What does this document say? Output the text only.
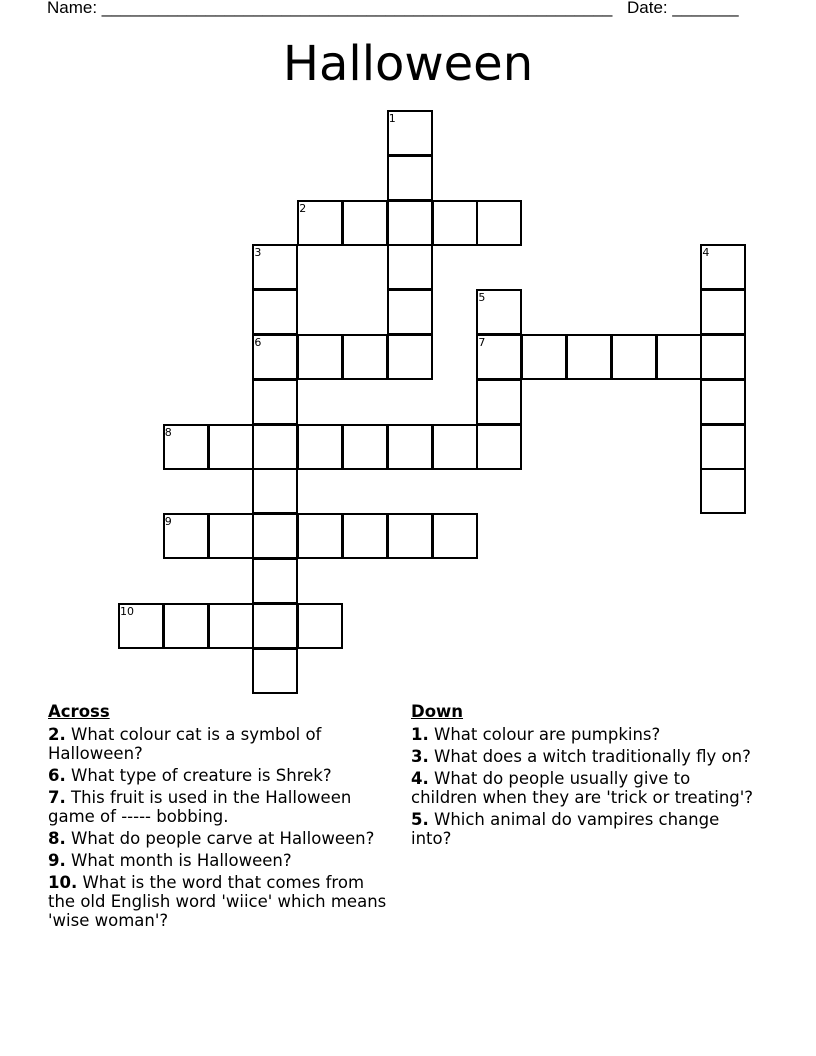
Name: ______________________________________________________ Date: _______
Halloween
1
2
3	4
5
6	7
8
9
10
Across
2. What colour cat is a symbol of Halloween?
6. What type of creature is Shrek?
7. This fruit is used in the Halloween game of ----- bobbing.
8. What do people carve at Halloween?
9. What month is Halloween?
10. What is the word that comes from the old English word 'wiice' which means 'wise woman'?
Down
1. What colour are pumpkins?
3. What does a witch traditionally fly on?
4. What do people usually give to children when they are 'trick or treating'?
5. Which animal do vampires change into?
